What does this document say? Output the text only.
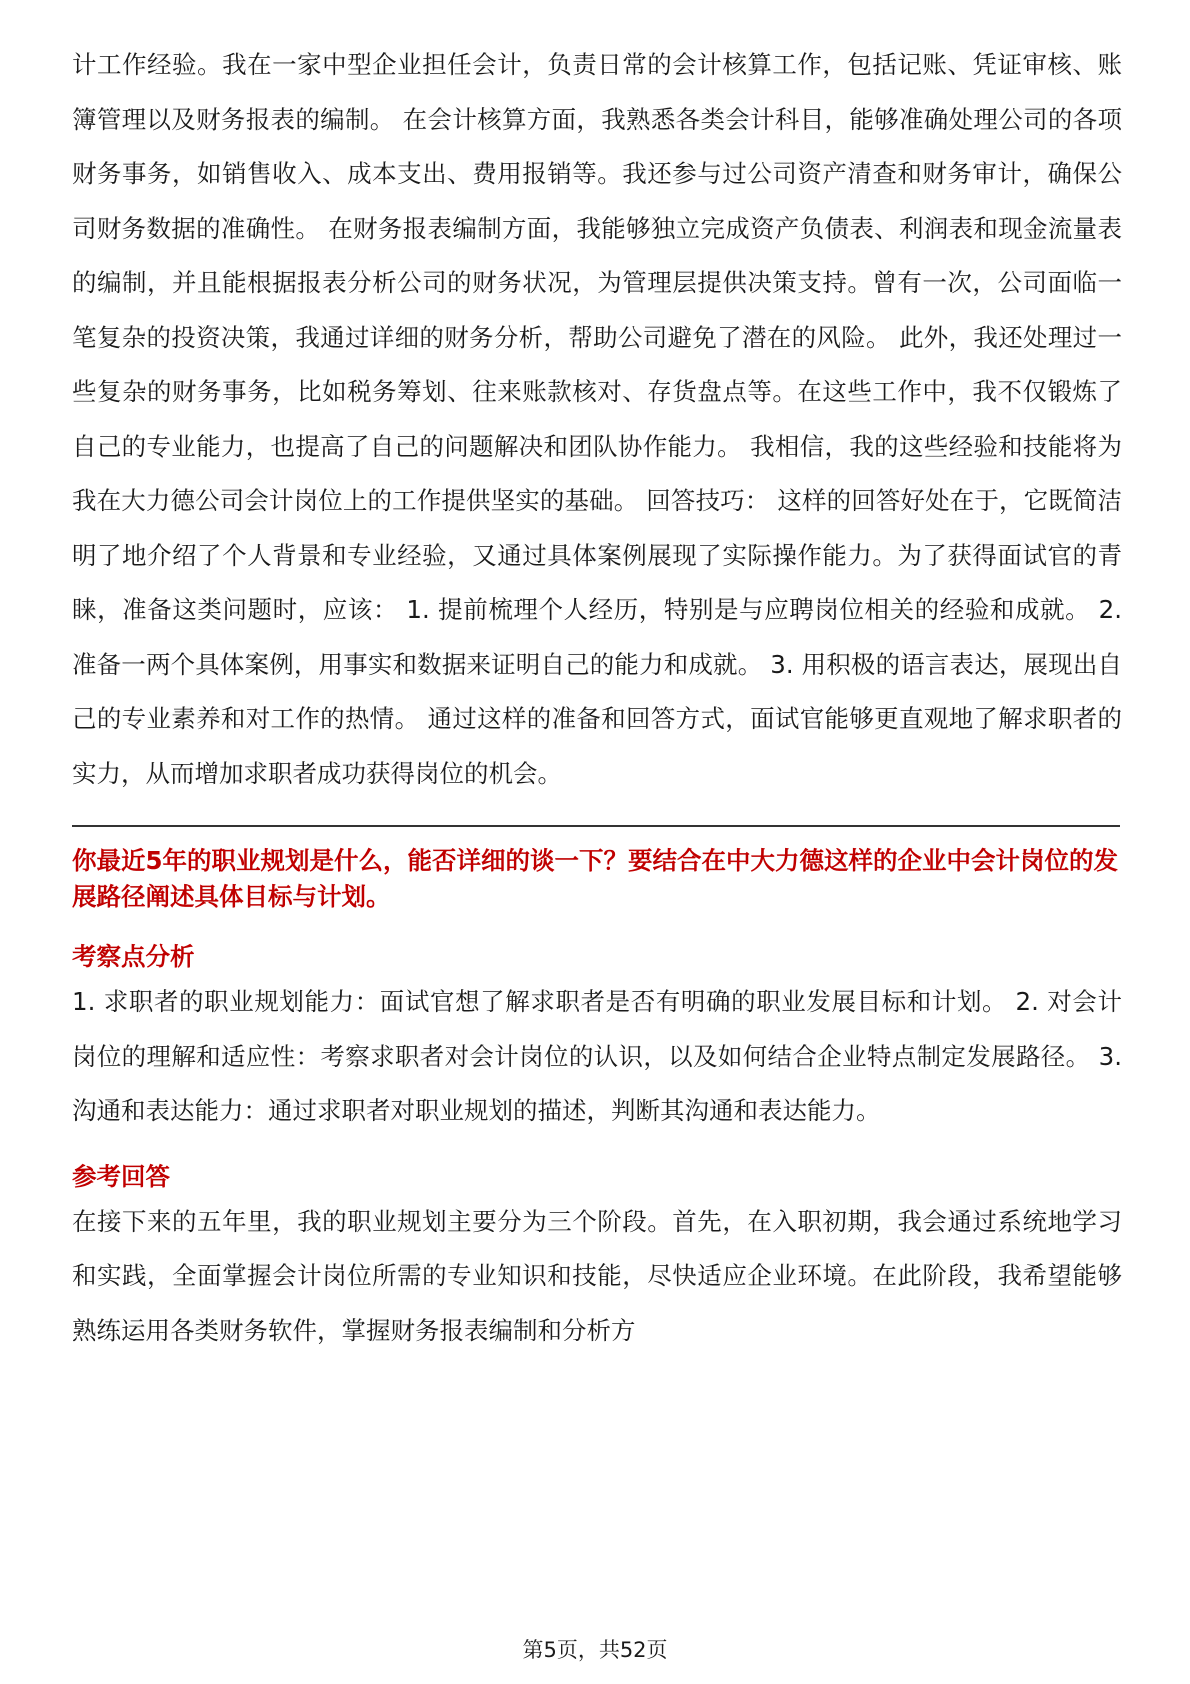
计工作经验。我在一家中型企业担任会计，负责日常的会计核算工作，包括记账、凭证审核、账簿管理以及财务报表的编制。 在会计核算方面，我熟悉各类会计科目，能够准确处理公司的各项财务事务，如销售收入、成本支出、费用报销等。我还参与过公司资产清查和财务审计，确保公司财务数据的准确性。 在财务报表编制方面，我能够独立完成资产负债表、利润表和现金流量表的编制，并且能根据报表分析公司的财务状况，为管理层提供决策支持。曾有一次，公司面临一笔复杂的投资决策，我通过详细的财务分析，帮助公司避免了潜在的风险。 此外，我还处理过一些复杂的财务事务，比如税务筹划、往来账款核对、存货盘点等。在这些工作中，我不仅锻炼了自己的专业能力，也提高了自己的问题解决和团队协作能力。 我相信，我的这些经验和技能将为我在大力德公司会计岗位上的工作提供坚实的基础。 回答技巧： 这样的回答好处在于，它既简洁明了地介绍了个人背景和专业经验，又通过具体案例展现了实际操作能力。为了获得面试官的青睐，准备这类问题时，应该： 1. 提前梳理个人经历，特别是与应聘岗位相关的经验和成就。 2. 准备一两个具体案例，用事实和数据来证明自己的能力和成就。 3. 用积极的语言表达，展现出自己的专业素养和对工作的热情。 通过这样的准备和回答方式，面试官能够更直观地了解求职者的实力，从而增加求职者成功获得岗位的机会。

你最近5年的职业规划是什么，能否详细的谈一下？要结合在中大力德这样的企业中会计岗位的发展路径阐述具体目标与计划。

考察点分析

1. 求职者的职业规划能力：面试官想了解求职者是否有明确的职业发展目标和计划。 2. 对会计岗位的理解和适应性：考察求职者对会计岗位的认识，以及如何结合企业特点制定发展路径。 3. 沟通和表达能力：通过求职者对职业规划的描述，判断其沟通和表达能力。

参考回答

在接下来的五年里，我的职业规划主要分为三个阶段。首先，在入职初期，我会通过系统地学习和实践，全面掌握会计岗位所需的专业知识和技能，尽快适应企业环境。在此阶段，我希望能够熟练运用各类财务软件，掌握财务报表编制和分析方

第5页，共52页
